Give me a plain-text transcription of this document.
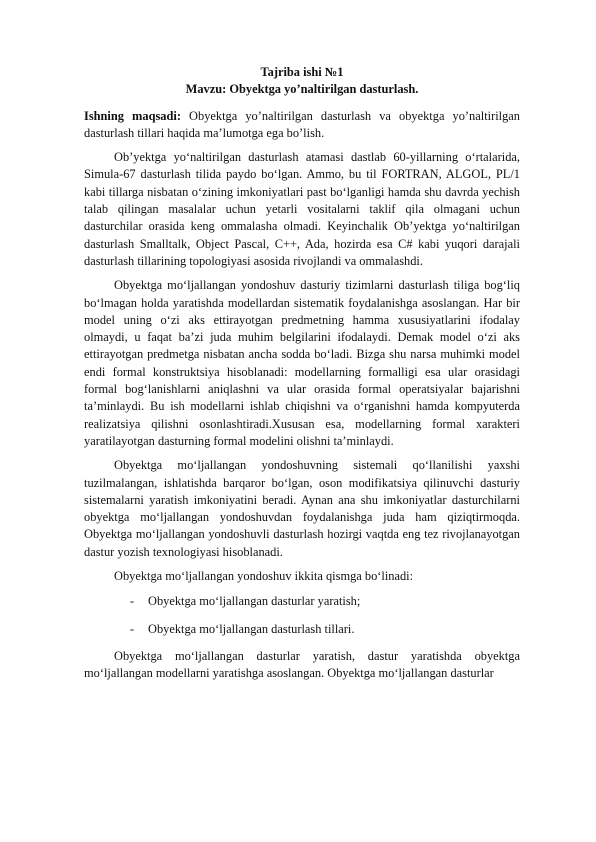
Tajriba ishi №1

Mavzu: Obyektga yo’naltirilgan dasturlash.

Ishning maqsadi: Obyektga yo’naltirilgan dasturlash va obyektga yo’naltirilgan dasturlash tillari haqida ma’lumotga ega bo’lish.

Ob’yektga yo‘naltirilgan dasturlash atamasi dastlab 60-yillarning o‘rtalarida, Simula-67 dasturlash tilida paydo bo‘lgan. Ammo, bu til FORTRAN, ALGOL, PL/1 kabi tillarga nisbatan o‘zining imkoniyatlari past bo‘lganligi hamda shu davrda yechish talab qilingan masalalar uchun yetarli vositalarni taklif qila olmagani uchun dasturchilar orasida keng ommalasha olmadi. Keyinchalik Ob’yektga yo‘naltirilgan dasturlash Smalltalk, Object Pascal, C++, Ada, hozirda esa C# kabi yuqori darajali dasturlash tillarining topologiyasi asosida rivojlandi va ommalashdi.

Obyektga mo‘ljallangan yondoshuv dasturiy tizimlarni dasturlash tiliga bog‘liq bo‘lmagan holda yaratishda modellardan sistematik foydalanishga asoslangan. Har bir model uning o‘zi aks ettirayotgan predmetning hamma xususiyatlarini ifodalay olmaydi, u faqat ba’zi juda muhim belgilarini ifodalaydi. Demak model o‘zi aks ettirayotgan predmetga nisbatan ancha sodda bo‘ladi. Bizga shu narsa muhimki model endi formal konstruktsiya hisoblanadi: modellarning formalligi esa ular orasidagi formal bog‘lanishlarni aniqlashni va ular orasida formal operatsiyalar bajarishni ta’minlaydi. Bu ish modellarni ishlab chiqishni va o‘rganishni hamda kompyuterda realizatsiya qilishni osonlashtiradi.Xususan esa, modellarning formal xarakteri yaratilayotgan dasturning formal modelini olishni ta’minlaydi.

Obyektga mo‘ljallangan yondoshuvning sistemali qo‘llanilishi yaxshi tuzilmalangan, ishlatishda barqaror bo‘lgan, oson modifikatsiya qilinuvchi dasturiy sistemalarni yaratish imkoniyatini beradi. Aynan ana shu imkoniyatlar dasturchilarni obyektga mo‘ljallangan yondoshuvdan foydalanishga juda ham qiziqtirmoqda. Obyektga mo‘ljallangan yondoshuvli dasturlash hozirgi vaqtda eng tez rivojlanayotgan dastur yozish texnologiyasi hisoblanadi.

Obyektga mo‘ljallangan yondoshuv ikkita qismga bo‘linadi:

- Obyektga mo‘ljallangan dasturlar yaratish;
- Obyektga mo‘ljallangan dasturlash tillari.

Obyektga mo‘ljallangan dasturlar yaratish, dastur yaratishda obyektga mo‘ljallangan modellarni yaratishga asoslangan. Obyektga mo‘ljallangan dasturlar
